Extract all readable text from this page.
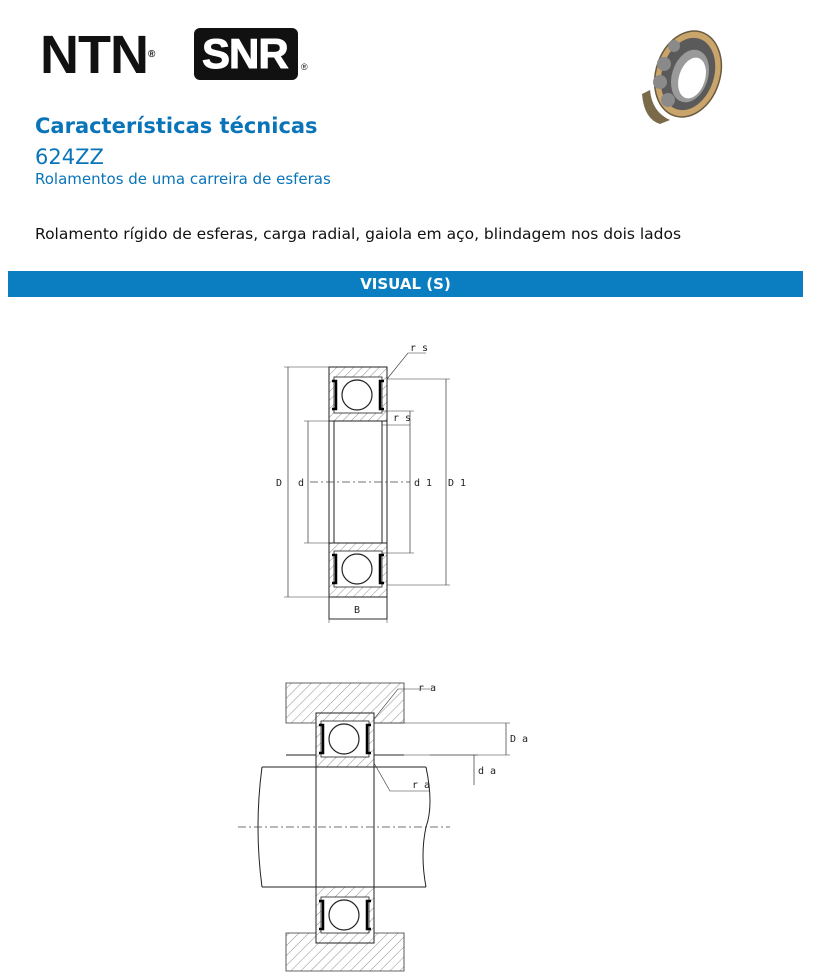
NTN® SNR ®
Características técnicas
624ZZ
Rolamentos de uma carreira de esferas
Rolamento rígido de esferas, carga radial, gaiola em aço, blindagem nos dois lados
VISUAL (S)
r s
r s
D d	d 1 D 1
B
r a
r a
D a
d a
